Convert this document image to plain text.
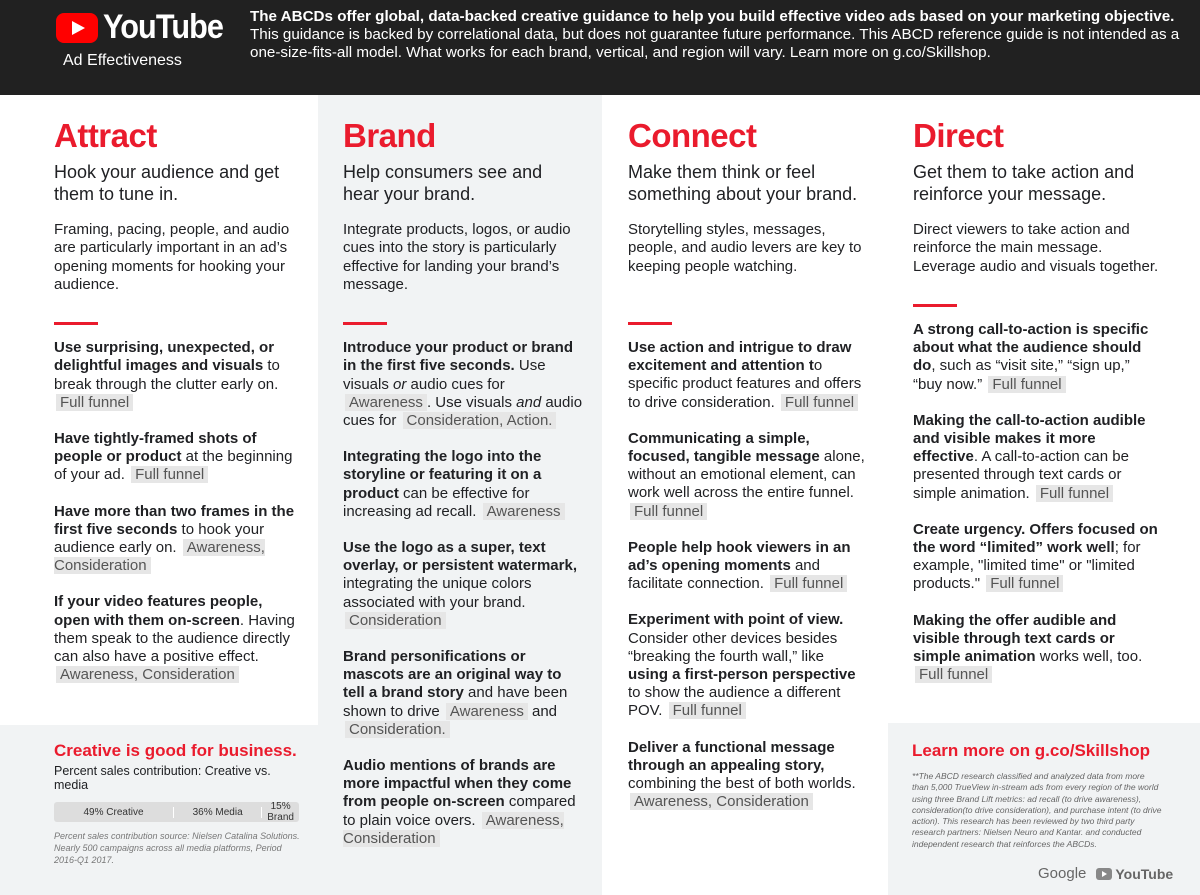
YouTube
Ad Effectiveness
The ABCDs offer global, data-backed creative guidance to help you build effective video ads based on your marketing objective. This guidance is backed by correlational data, but does not guarantee future performance. This ABCD reference guide is not intended as a one-size-fits-all model. What works for each brand, vertical, and region will vary. Learn more on g.co/Skillshop.
Attract
Hook your audience and get them to tune in.
Framing, pacing, people, and audio are particularly important in an ad’s opening moments for hooking your audience.

Use surprising, unexpected, or delightful images and visuals to break through the clutter early on. Full funnel

Have tightly-framed shots of people or product at the beginning of your ad. Full funnel

Have more than two frames in the first five seconds to hook your audience early on. Awareness, Consideration

If your video features people, open with them on-screen. Having them speak to the audience directly can also have a positive effect. Awareness, Consideration

Creative is good for business.
Percent sales contribution: Creative vs. media
49% Creative	36% Media	15% Brand
Percent sales contribution source: Nielsen Catalina Solutions. Nearly 500 campaigns across all media platforms, Period 2016-Q1 2017.
Brand
Help consumers see and hear your brand.
Integrate products, logos, or audio cues into the story is particularly effective for landing your brand’s message.

Introduce your product or brand in the first five seconds. Use visuals or audio cues for Awareness . Use visuals and audio cues for Consideration, Action.

Integrating the logo into the storyline or featuring it on a product can be effective for increasing ad recall. Awareness

Use the logo as a super, text overlay, or persistent watermark, integrating the unique colors associated with your brand. Consideration

Brand personifications or mascots are an original way to tell a brand story and have been shown to drive Awareness and Consideration.

Audio mentions of brands are more impactful when they come from people on-screen compared to plain voice overs. Awareness, Consideration

Connect
Make them think or feel something about your brand.
Storytelling styles, messages, people, and audio levers are key to keeping people watching.

Use action and intrigue to draw excitement and attention to specific product features and offers to drive consideration. Full funnel

Communicating a simple, focused, tangible message alone, without an emotional element, can work well across the entire funnel. Full funnel

People help hook viewers in an ad’s opening moments and facilitate connection. Full funnel

Experiment with point of view. Consider other devices besides “breaking the fourth wall,” like using a first-person perspective to show the audience a different POV. Full funnel

Deliver a functional message through an appealing story, combining the best of both worlds. Awareness, Consideration

Direct
Get them to take action and reinforce your message.
Direct viewers to take action and reinforce the main message. Leverage audio and visuals together.

A strong call-to-action is specific about what the audience should do, such as “visit site,” “sign up,” “buy now.” Full funnel

Making the call-to-action audible and visible makes it more effective. A call-to-action can be presented through text cards or simple animation. Full funnel

Create urgency. Offers focused on the word “limited” work well; for example, "limited time" or "limited products." Full funnel

Making the offer audible and visible through text cards or simple animation works well, too. Full funnel

Learn more on g.co/Skillshop
**The ABCD research classified and analyzed data from more than 5,000 TrueView in-stream ads from every region of the world using three Brand Lift metrics: ad recall (to drive awareness), consideration(to drive consideration), and purchase intent (to drive action). This research has been reviewed by two third party research partners: Nielsen Neuro and Kantar. and conducted independent research that reinforces the ABCDs.
Google YouTube
